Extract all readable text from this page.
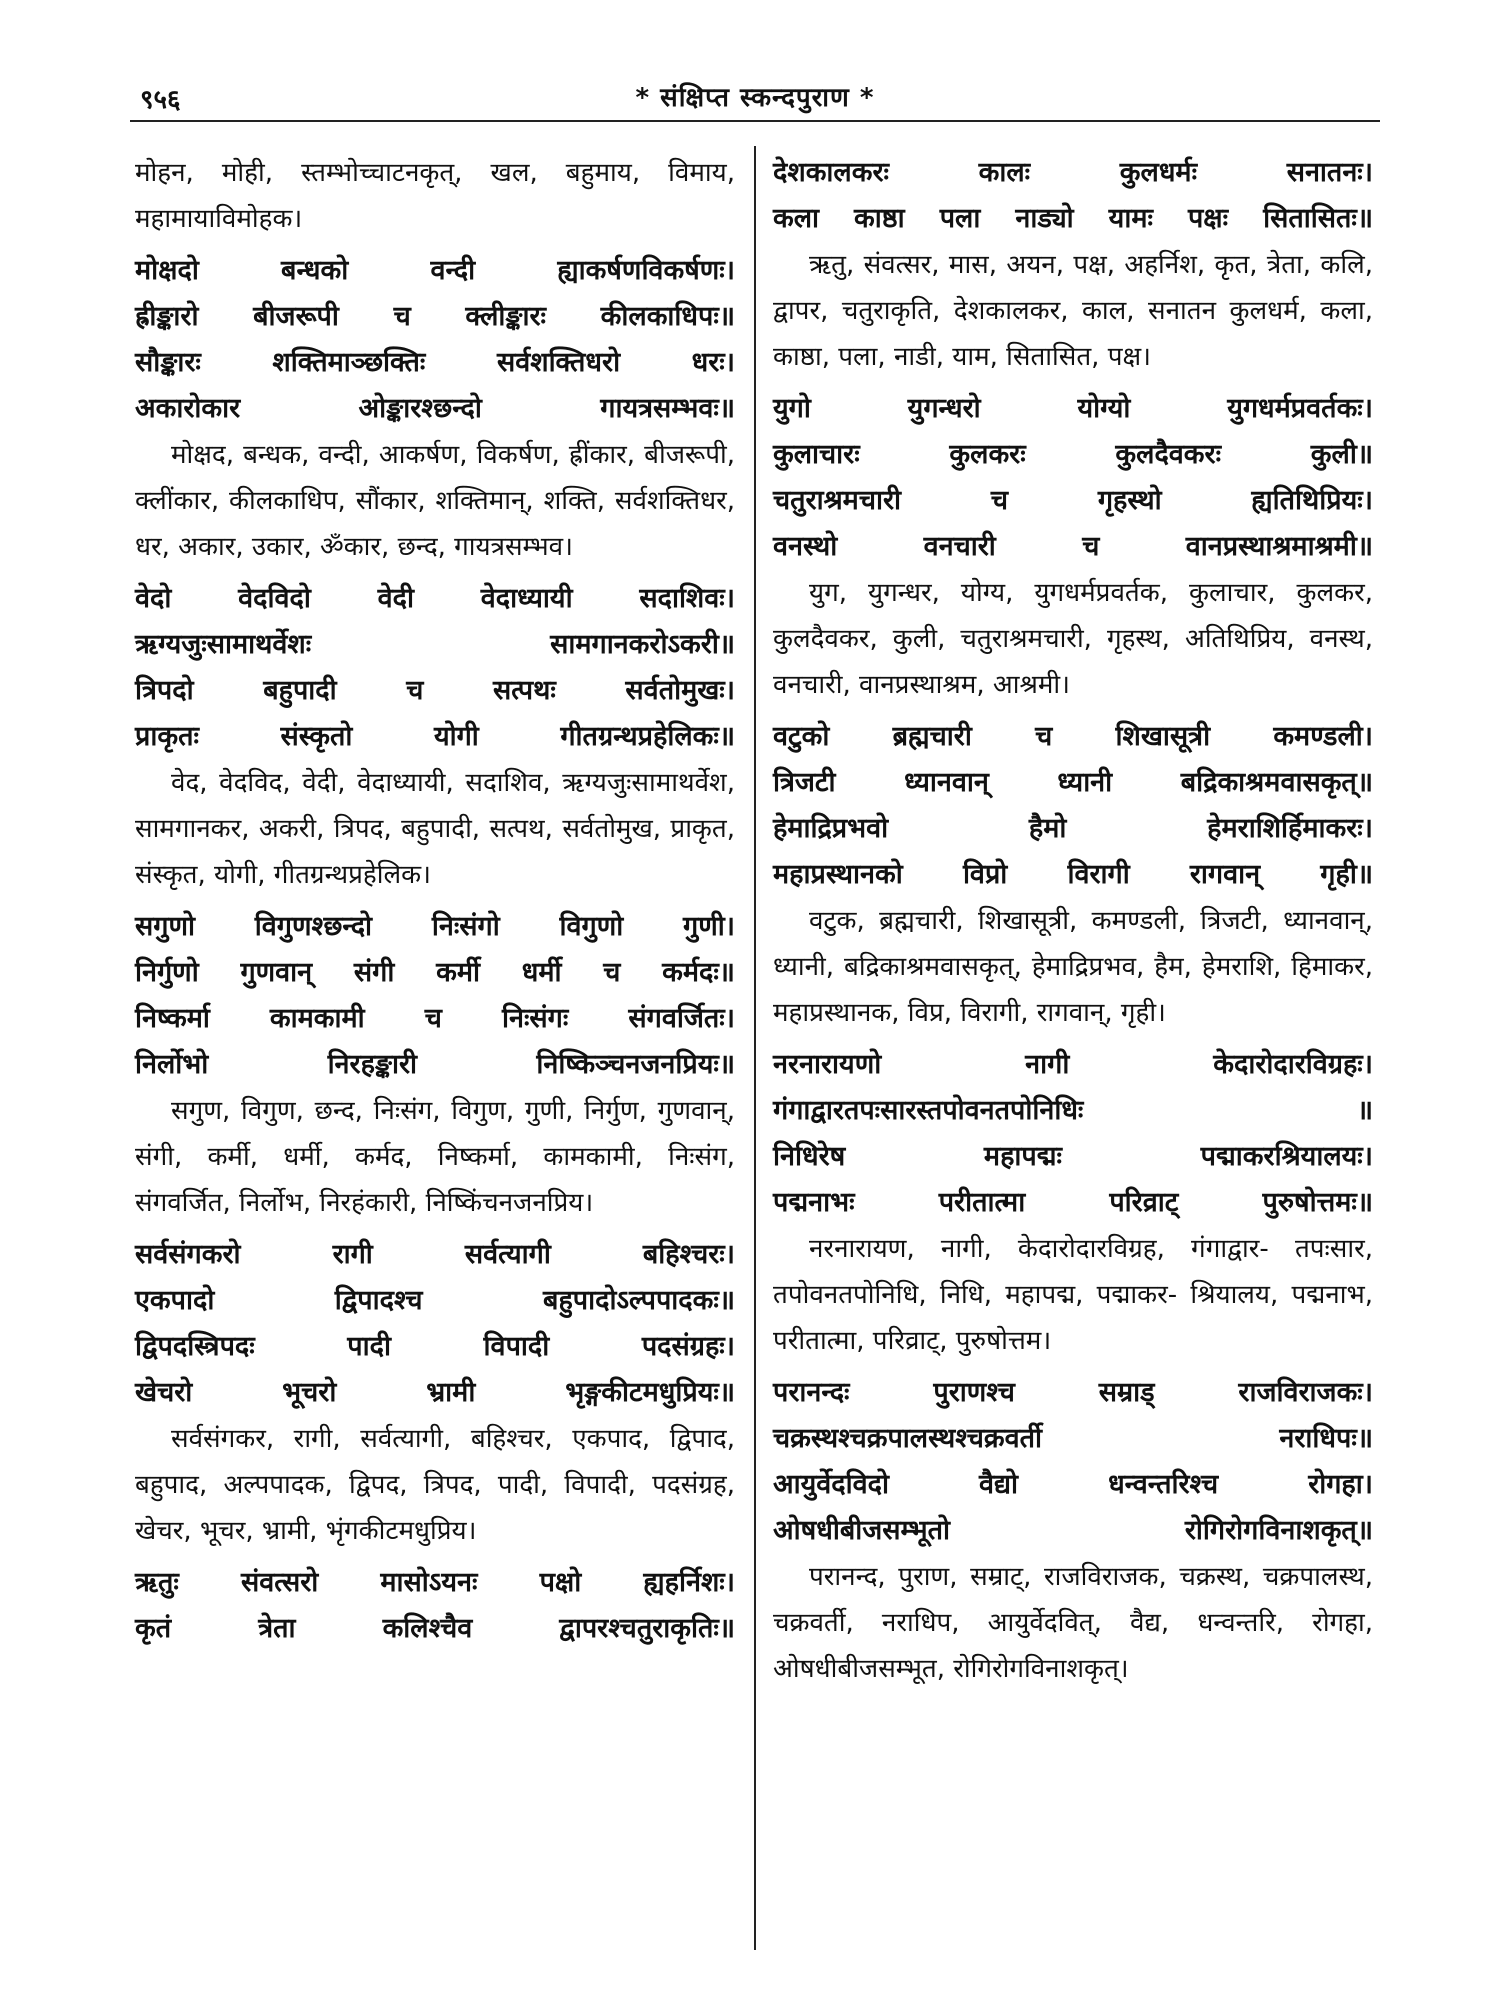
९५६	* संक्षिप्त स्कन्दपुराण *

मोहन, मोही, स्तम्भोच्चाटनकृत्, खल, बहुमाय, विमाय, महामायाविमोहक।

मोक्षदो बन्धको वन्दी ह्याकर्षणविकर्षणः।
ह्रीङ्कारो बीजरूपी च क्लीङ्कारः कीलकाधिपः॥
सौङ्कारः शक्तिमाञ्छक्तिः सर्वशक्तिधरो धरः।
अकारोकार ओङ्कारश्छन्दो गायत्रसम्भवः॥

मोक्षद, बन्धक, वन्दी, आकर्षण, विकर्षण, ह्रींकार, बीजरूपी, क्लींकार, कीलकाधिप, सौंकार, शक्तिमान्, शक्ति, सर्वशक्तिधर, धर, अकार, उकार, ॐकार, छन्द, गायत्रसम्भव।

वेदो वेदविदो वेदी वेदाध्यायी सदाशिवः।
ऋग्यजुःसामाथर्वेशः सामगानकरोऽकरी॥
त्रिपदो बहुपादी च सत्पथः सर्वतोमुखः।
प्राकृतः संस्कृतो योगी गीतग्रन्थप्रहेलिकः॥

वेद, वेदविद, वेदी, वेदाध्यायी, सदाशिव, ऋग्यजुःसामाथर्वेश, सामगानकर, अकरी, त्रिपद, बहुपादी, सत्पथ, सर्वतोमुख, प्राकृत, संस्कृत, योगी, गीतग्रन्थप्रहेलिक।

सगुणो विगुणश्छन्दो निःसंगो विगुणो गुणी।
निर्गुणो गुणवान् संगी कर्मी धर्मी च कर्मदः॥
निष्कर्मा कामकामी च निःसंगः संगवर्जितः।
निर्लोभो निरहङ्कारी निष्किञ्चनजनप्रियः॥

सगुण, विगुण, छन्द, निःसंग, विगुण, गुणी, निर्गुण, गुणवान्, संगी, कर्मी, धर्मी, कर्मद, निष्कर्मा, कामकामी, निःसंग, संगवर्जित, निर्लोभ, निरहंकारी, निष्किंचनजनप्रिय।

सर्वसंगकरो रागी सर्वत्यागी बहिश्चरः।
एकपादो द्विपादश्च बहुपादोऽल्पपादकः॥
द्विपदस्त्रिपदः पादी विपादी पदसंग्रहः।
खेचरो भूचरो भ्रामी भृङ्गकीटमधुप्रियः॥

सर्वसंगकर, रागी, सर्वत्यागी, बहिश्चर, एकपाद, द्विपाद, बहुपाद, अल्पपादक, द्विपद, त्रिपद, पादी, विपादी, पदसंग्रह, खेचर, भूचर, भ्रामी, भृंगकीटमधुप्रिय।

ऋतुः संवत्सरो मासोऽयनः पक्षो ह्यहर्निशः।
कृतं त्रेता कलिश्चैव द्वापरश्चतुराकृतिः॥
देशकालकरः कालः कुलधर्मः सनातनः।
कला काष्ठा पला नाड्यो यामः पक्षः सितासितः॥

ऋतु, संवत्सर, मास, अयन, पक्ष, अहर्निश, कृत, त्रेता, कलि, द्वापर, चतुराकृति, देशकालकर, काल, सनातन कुलधर्म, कला, काष्ठा, पला, नाडी, याम, सितासित, पक्ष।

युगो युगन्धरो योग्यो युगधर्मप्रवर्तकः।
कुलाचारः कुलकरः कुलदैवकरः कुली॥
चतुराश्रमचारी च गृहस्थो ह्यतिथिप्रियः।
वनस्थो वनचारी च वानप्रस्थाश्रमाश्रमी॥

युग, युगन्धर, योग्य, युगधर्मप्रवर्तक, कुलाचार, कुलकर, कुलदैवकर, कुली, चतुराश्रमचारी, गृहस्थ, अतिथिप्रिय, वनस्थ, वनचारी, वानप्रस्थाश्रम, आश्रमी।

वटुको ब्रह्मचारी च शिखासूत्री कमण्डली।
त्रिजटी ध्यानवान् ध्यानी बद्रिकाश्रमवासकृत्॥
हेमाद्रिप्रभवो हैमो हेमराशिर्हिमाकरः।
महाप्रस्थानको विप्रो विरागी रागवान् गृही॥

वटुक, ब्रह्मचारी, शिखासूत्री, कमण्डली, त्रिजटी, ध्यानवान्, ध्यानी, बद्रिकाश्रमवासकृत्, हेमाद्रिप्रभव, हैम, हेमराशि, हिमाकर, महाप्रस्थानक, विप्र, विरागी, रागवान्, गृही।

नरनारायणो नागी केदारोदारविग्रहः।
गंगाद्वारतपःसारस्तपोवनतपोनिधिः ॥
निधिरेष महापद्मः पद्माकरश्रियालयः।
पद्मनाभः परीतात्मा परिव्राट् पुरुषोत्तमः॥

नरनारायण, नागी, केदारोदारविग्रह, गंगाद्वार- तपःसार, तपोवनतपोनिधि, निधि, महापद्म, पद्माकर- श्रियालय, पद्मनाभ, परीतात्मा, परिव्राट्, पुरुषोत्तम।

परानन्दः पुराणश्च सम्राड् राजविराजकः।
चक्रस्थश्चक्रपालस्थश्चक्रवर्ती नराधिपः॥
आयुर्वेदविदो वैद्यो धन्वन्तरिश्च रोगहा।
ओषधीबीजसम्भूतो रोगिरोगविनाशकृत्॥

परानन्द, पुराण, सम्राट्, राजविराजक, चक्रस्थ, चक्रपालस्थ, चक्रवर्ती, नराधिप, आयुर्वेदवित्, वैद्य, धन्वन्तरि, रोगहा, ओषधीबीजसम्भूत, रोगिरोगविनाशकृत्।
